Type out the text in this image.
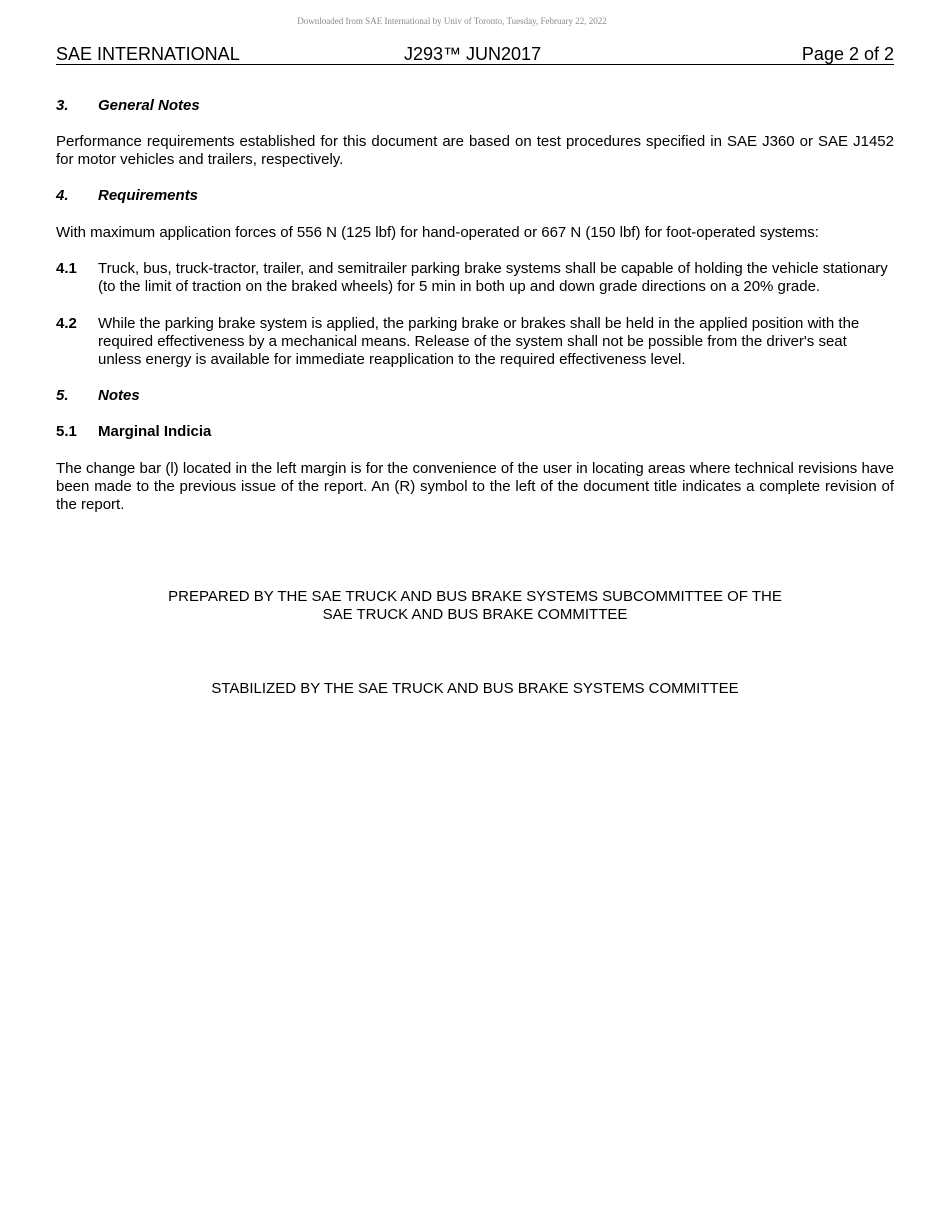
Downloaded from SAE International by Univ of Toronto, Tuesday, February 22, 2022
SAE INTERNATIONAL	J293™ JUN2017	Page 2 of 2
3.	General Notes

Performance requirements established for this document are based on test procedures specified in SAE J360 or SAE J1452 for motor vehicles and trailers, respectively.

4.	Requirements

With maximum application forces of 556 N (125 lbf) for hand-operated or 667 N (150 lbf) for foot-operated systems:

4.1	Truck, bus, truck-tractor, trailer, and semitrailer parking brake systems shall be capable of holding the vehicle stationary (to the limit of traction on the braked wheels) for 5 min in both up and down grade directions on a 20% grade.
4.2	While the parking brake system is applied, the parking brake or brakes shall be held in the applied position with the required effectiveness by a mechanical means. Release of the system shall not be possible from the driver's seat unless energy is available for immediate reapplication to the required effectiveness level.
5.	Notes
5.1	Marginal Indicia

The change bar (l) located in the left margin is for the convenience of the user in locating areas where technical revisions have been made to the previous issue of the report. An (R) symbol to the left of the document title indicates a complete revision of the report.

PREPARED BY THE SAE TRUCK AND BUS BRAKE SYSTEMS SUBCOMMITTEE OF THE
SAE TRUCK AND BUS BRAKE COMMITTEE
STABILIZED BY THE SAE TRUCK AND BUS BRAKE SYSTEMS COMMITTEE
